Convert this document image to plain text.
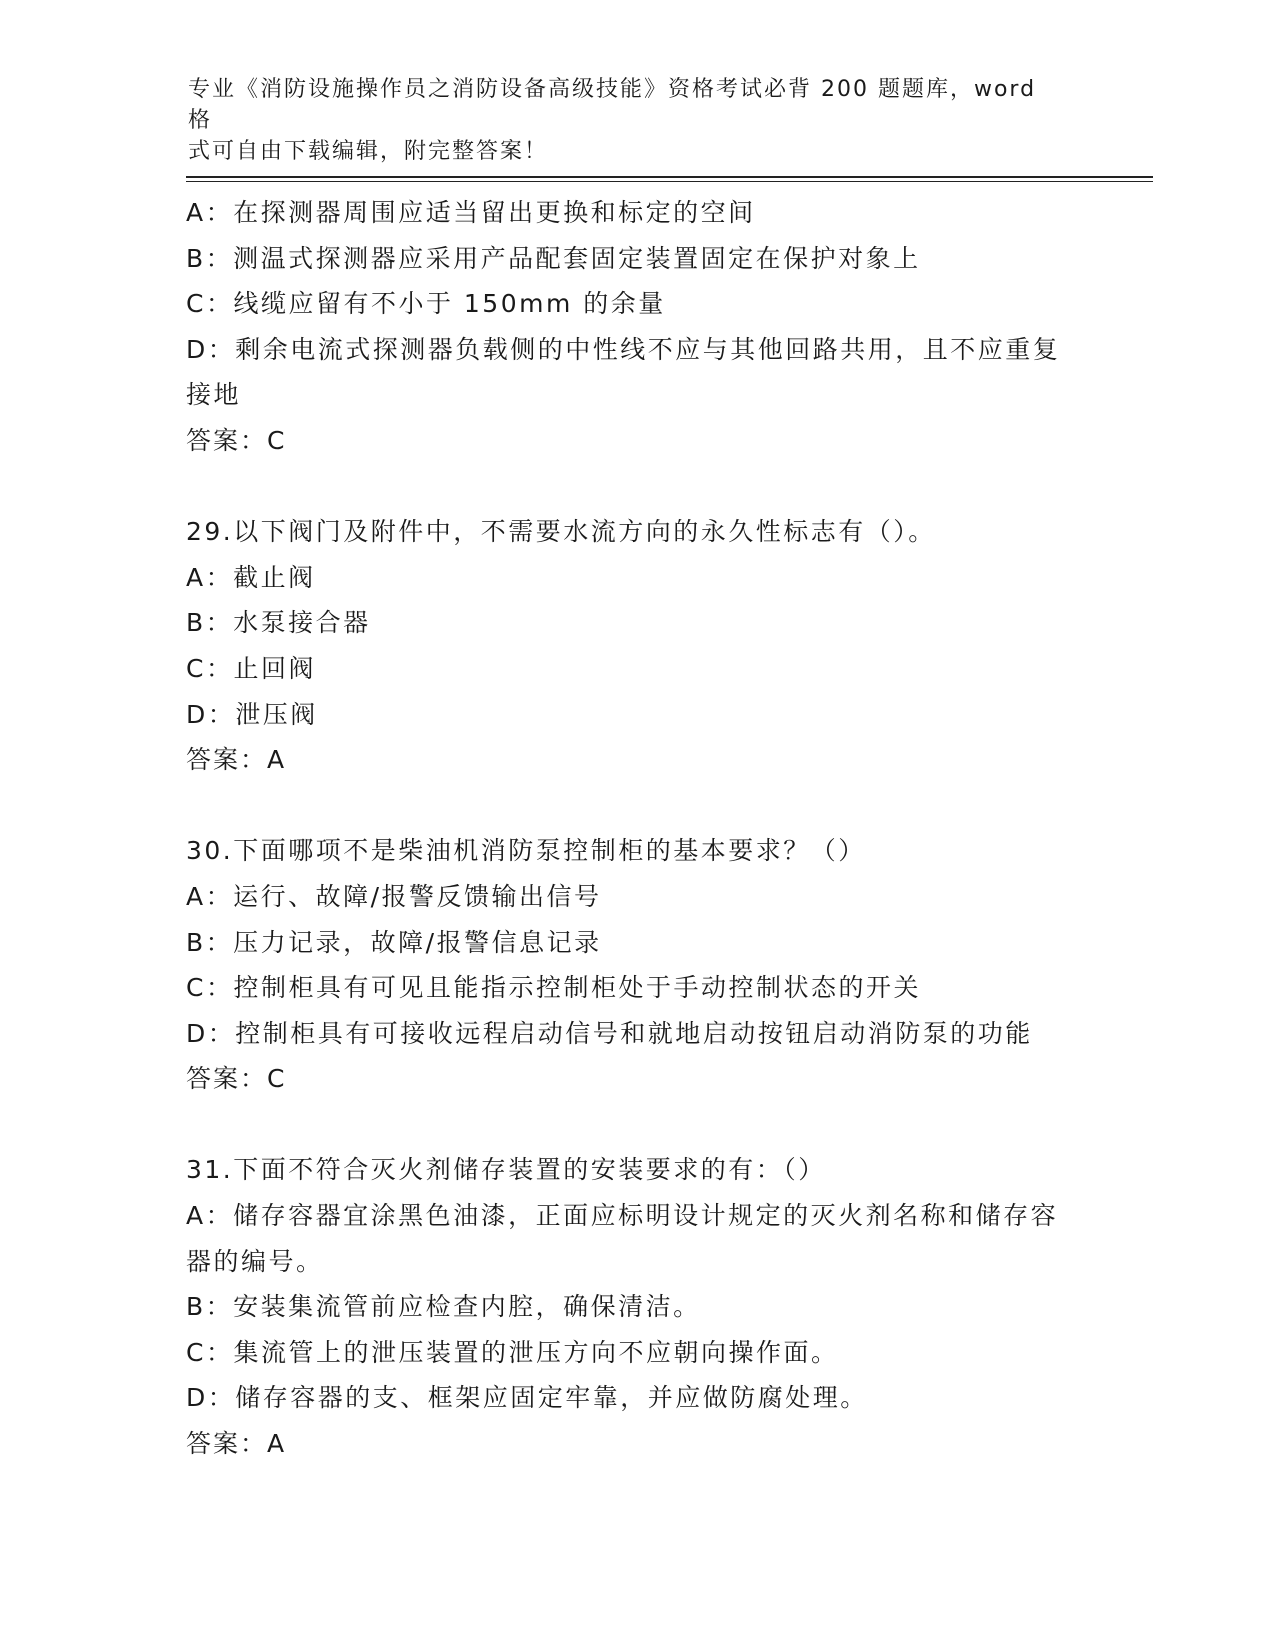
专业《消防设施操作员之消防设备高级技能》资格考试必背 200 题题库，word 格
式可自由下载编辑，附完整答案！

A：在探测器周围应适当留出更换和标定的空间

B：测温式探测器应采用产品配套固定装置固定在保护对象上

C：线缆应留有不小于 150mm 的余量

D：剩余电流式探测器负载侧的中性线不应与其他回路共用，且不应重复接地

答案：C

29.以下阀门及附件中，不需要水流方向的永久性标志有（）。

A：截止阀

B：水泵接合器

C：止回阀

D：泄压阀

答案：A

30.下面哪项不是柴油机消防泵控制柜的基本要求？（）

A：运行、故障/报警反馈输出信号

B：压力记录，故障/报警信息记录

C：控制柜具有可见且能指示控制柜处于手动控制状态的开关

D：控制柜具有可接收远程启动信号和就地启动按钮启动消防泵的功能

答案：C

31.下面不符合灭火剂储存装置的安装要求的有：（）

A：储存容器宜涂黑色油漆，正面应标明设计规定的灭火剂名称和储存容器的编号。

B：安装集流管前应检查内腔，确保清洁。

C：集流管上的泄压装置的泄压方向不应朝向操作面。

D：储存容器的支、框架应固定牢靠，并应做防腐处理。

答案：A
